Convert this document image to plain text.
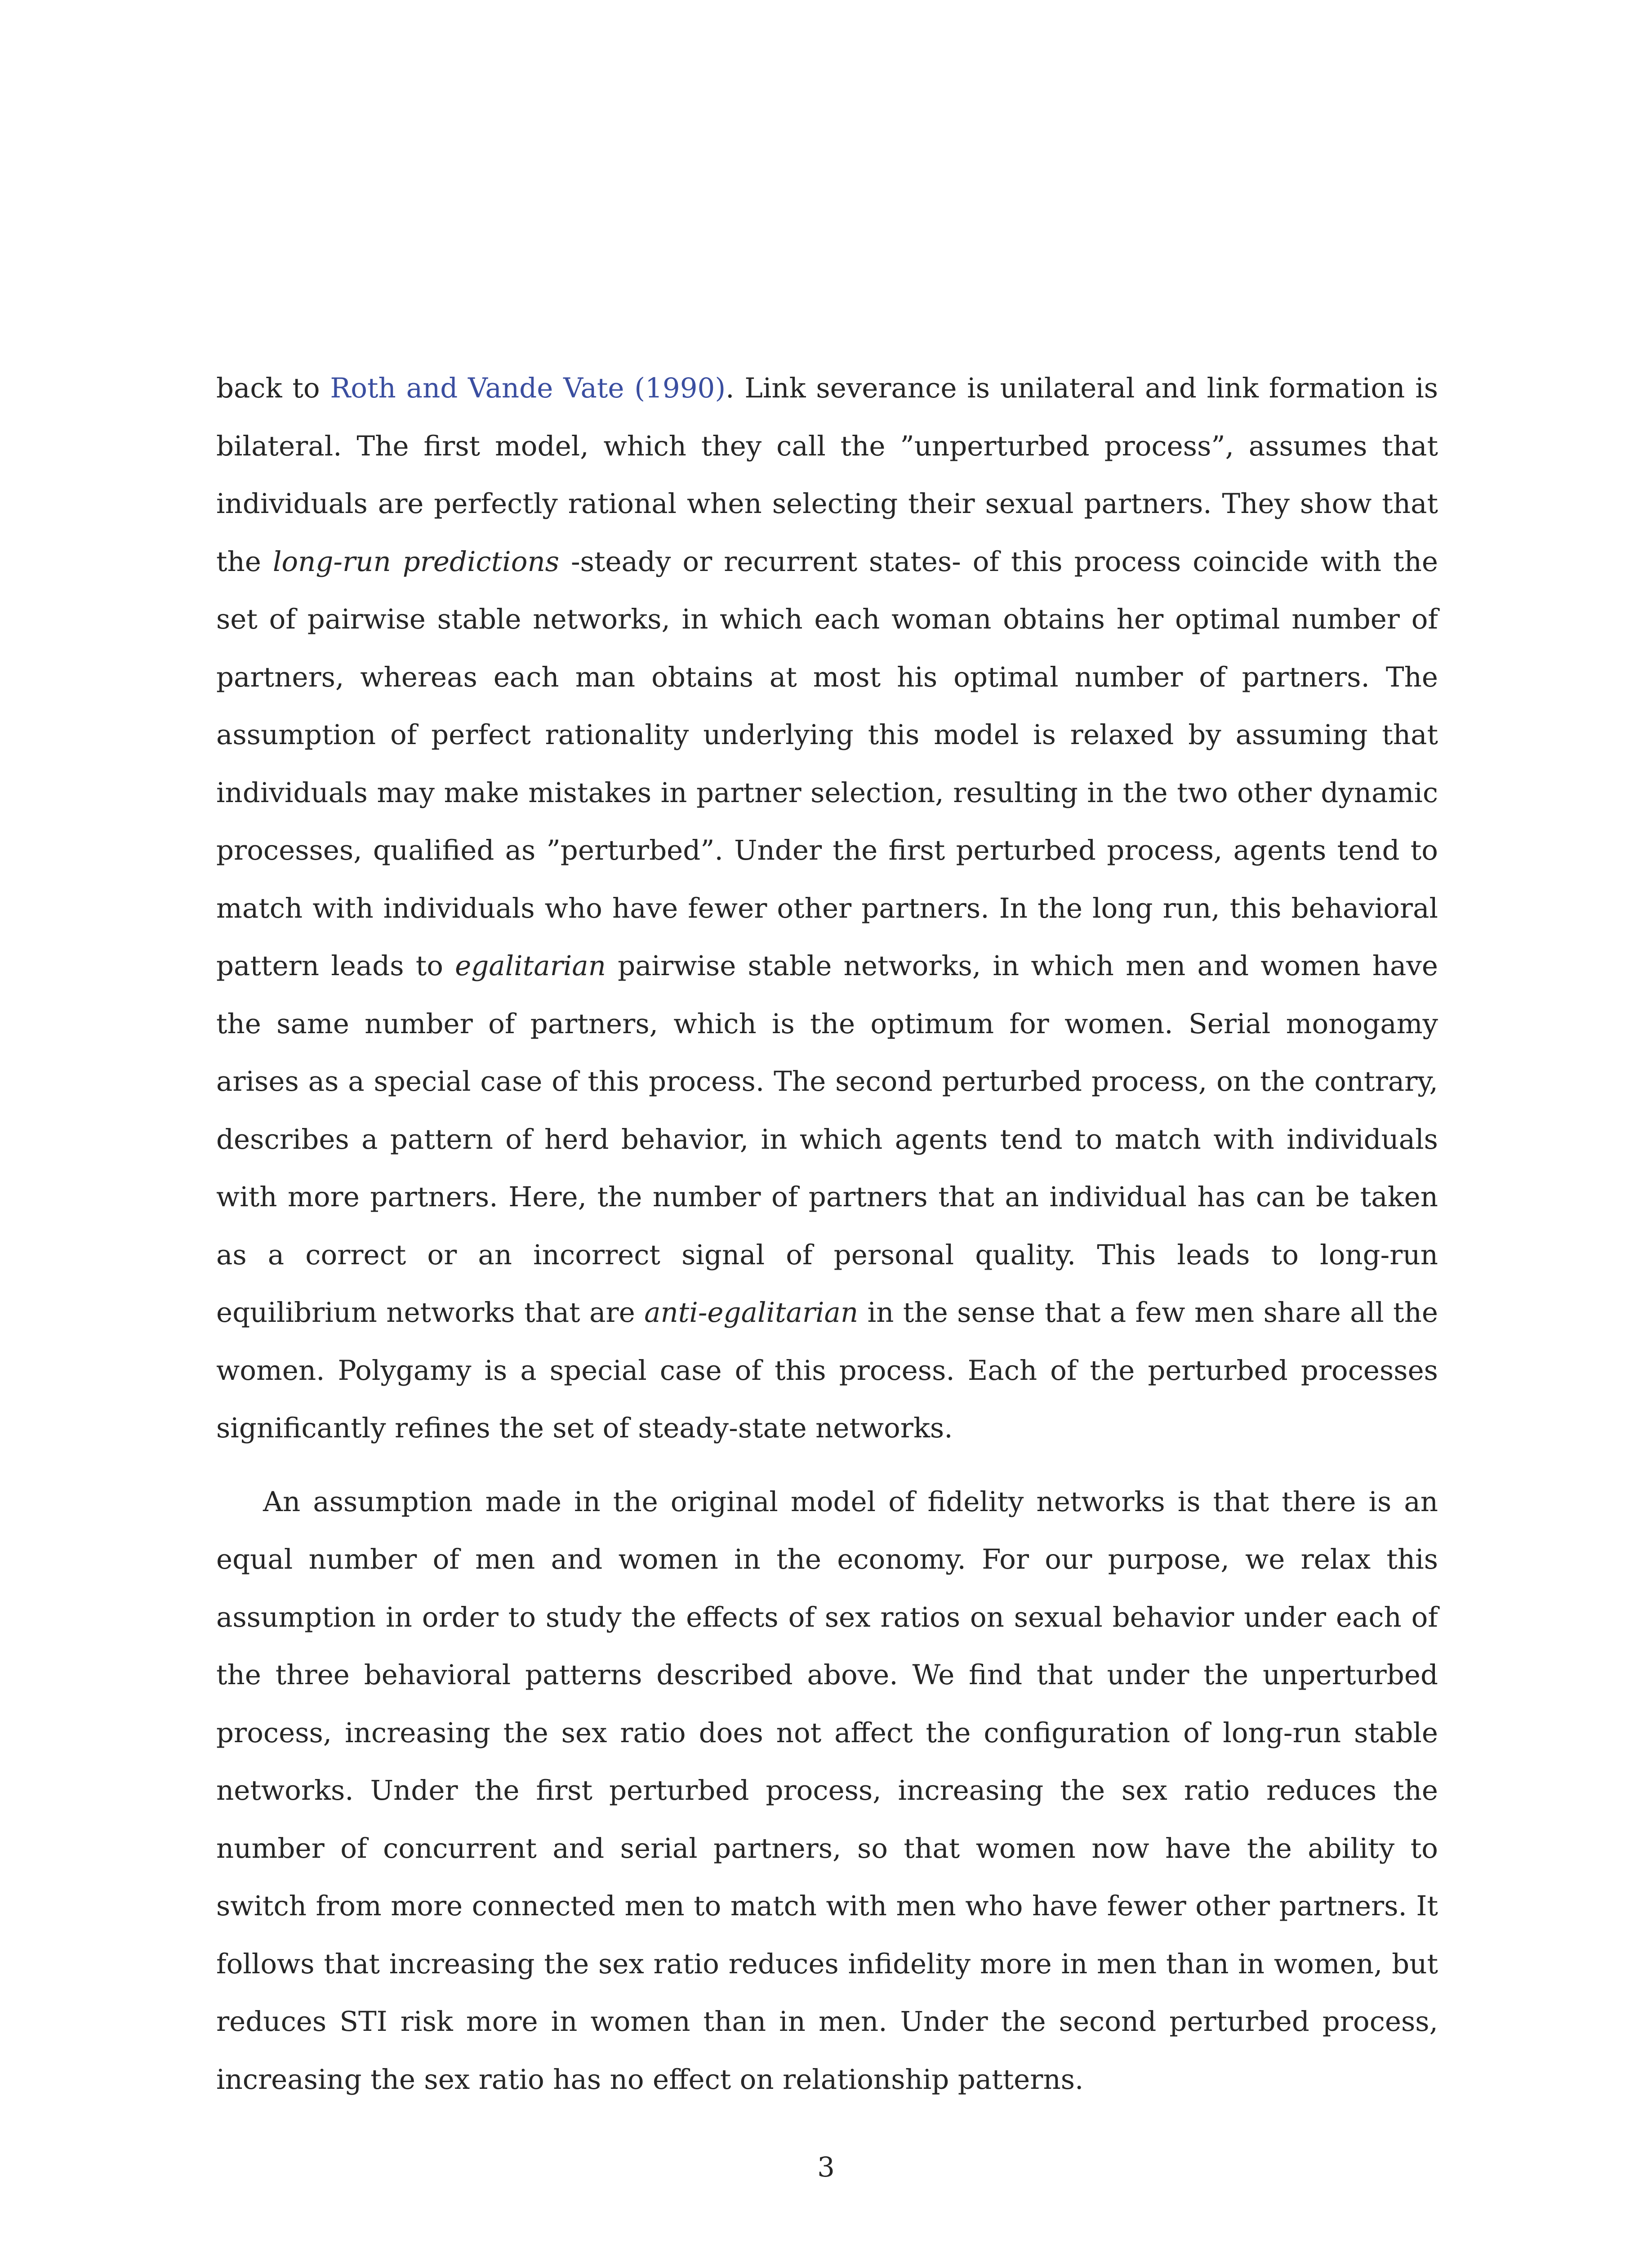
back to Roth and Vande Vate (1990). Link severance is unilateral and link formation is bilateral. The first model, which they call the ”unperturbed process”, assumes that individuals are perfectly rational when selecting their sexual partners. They show that the long-run predictions -steady or recurrent states- of this process coincide with the set of pairwise stable networks, in which each woman obtains her optimal number of partners, whereas each man obtains at most his optimal number of partners. The assumption of perfect rationality underlying this model is relaxed by assuming that individuals may make mistakes in partner selection, resulting in the two other dynamic processes, qualified as ”perturbed”. Under the first perturbed process, agents tend to match with individuals who have fewer other partners. In the long run, this behavioral pattern leads to egalitarian pairwise stable networks, in which men and women have the same number of partners, which is the optimum for women. Serial monogamy arises as a special case of this process. The second perturbed process, on the contrary, describes a pattern of herd behavior, in which agents tend to match with individuals with more partners. Here, the number of partners that an individual has can be taken as a correct or an incorrect signal of personal quality. This leads to long-run equilibrium networks that are anti-egalitarian in the sense that a few men share all the women. Polygamy is a special case of this process. Each of the perturbed processes significantly refines the set of steady-state networks.

An assumption made in the original model of fidelity networks is that there is an equal number of men and women in the economy. For our purpose, we relax this assumption in order to study the effects of sex ratios on sexual behavior under each of the three behavioral patterns described above. We find that under the unperturbed process, increasing the sex ratio does not affect the configuration of long-run stable networks. Under the first perturbed process, increasing the sex ratio reduces the number of concurrent and serial partners, so that women now have the ability to switch from more connected men to match with men who have fewer other partners. It follows that increasing the sex ratio reduces infidelity more in men than in women, but reduces STI risk more in women than in men. Under the second perturbed process, increasing the sex ratio has no effect on relationship patterns.

3
